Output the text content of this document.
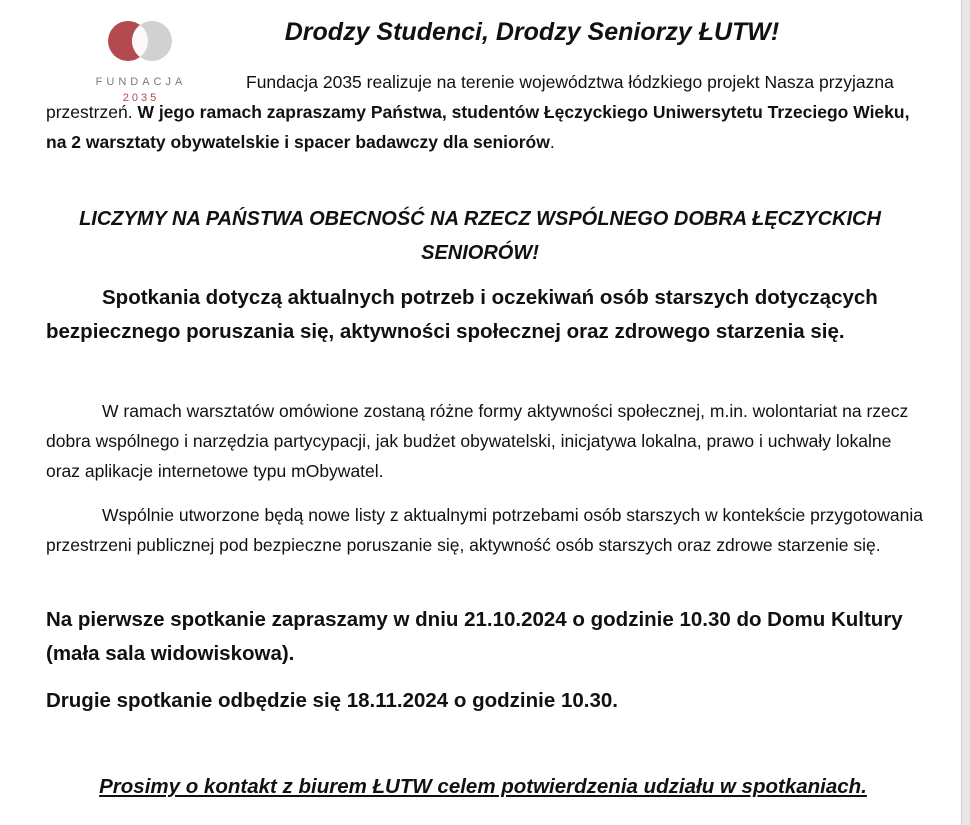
FUNDACJA
2035
Drodzy Studenci, Drodzy Seniorzy ŁUTW!
Fundacja 2035 realizuje na terenie województwa łódzkiego projekt Nasza przyjazna przestrzeń. W jego ramach zapraszamy Państwa, studentów Łęczyckiego Uniwersytetu Trzeciego Wieku, na 2 warsztaty obywatelskie i spacer badawczy dla seniorów.
LICZYMY NA PAŃSTWA OBECNOŚĆ NA RZECZ WSPÓLNEGO DOBRA ŁĘCZYCKICH SENIORÓW!
Spotkania dotyczą aktualnych potrzeb i oczekiwań osób starszych dotyczących bezpiecznego poruszania się, aktywności społecznej oraz zdrowego starzenia się.
W ramach warsztatów omówione zostaną różne formy aktywności społecznej, m.in. wolontariat na rzecz dobra wspólnego i narzędzia partycypacji, jak budżet obywatelski, inicjatywa lokalna, prawo i uchwały lokalne oraz aplikacje internetowe typu mObywatel.
Wspólnie utworzone będą nowe listy z aktualnymi potrzebami osób starszych w kontekście przygotowania przestrzeni publicznej pod bezpieczne poruszanie się, aktywność osób starszych oraz zdrowe starzenie się.
Na pierwsze spotkanie zapraszamy w dniu 21.10.2024 o godzinie 10.30 do Domu Kultury (mała sala widowiskowa).
Drugie spotkanie odbędzie się 18.11.2024 o godzinie 10.30.
Prosimy o kontakt z biurem ŁUTW celem potwierdzenia udziału w spotkaniach.
